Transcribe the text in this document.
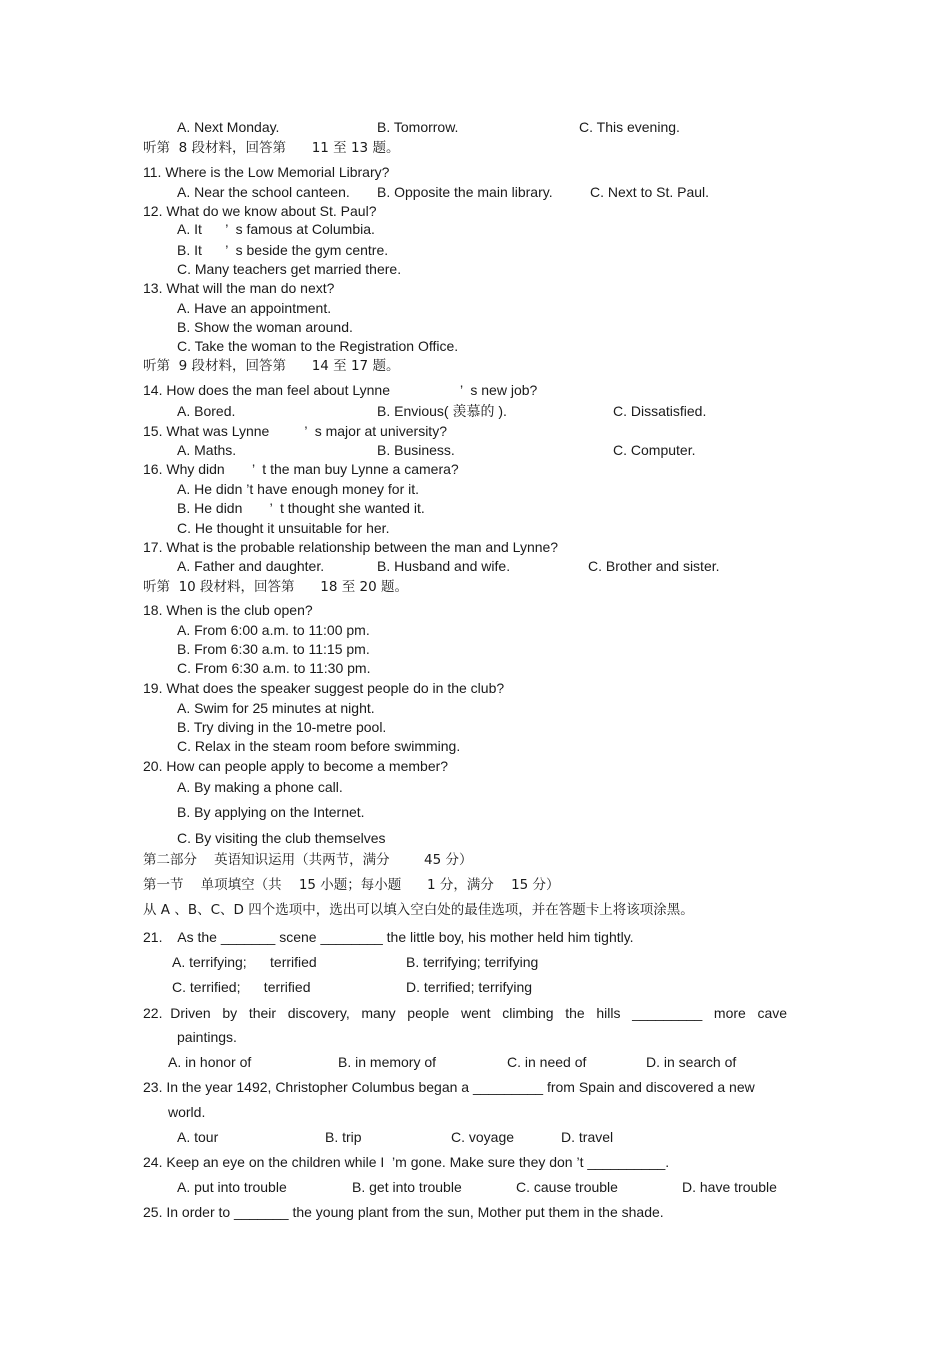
A. Next Monday.	B. Tomorrow.	C. This evening.
听第  8 段材料，回答第      11 至 13 题。
11. Where is the Low Memorial Library?
A. Near the school canteen. B. Opposite the main library.	C. Next to St. Paul.
12. What do we know about St. Paul?
A. It      ’  s famous at Columbia.
B. It      ’  s beside the gym centre.
C. Many teachers get married there.
13. What will the man do next?
A. Have an appointment.
B. Show the woman around.
C. Take the woman to the Registration Office.
听第  9 段材料，回答第      14 至 17 题。
14. How does the man feel about Lynne                  ’  s new job?
A. Bored.	B. Envious( 羡慕的 ).	C. Dissatisfied.
15. What was Lynne         ’  s major at university?
A. Maths.	B. Business.	C. Computer.
16. Why didn       ’  t the man buy Lynne a camera?
A. He didn ’t have enough money for it.
B. He didn       ’  t thought she wanted it.
C. He thought it unsuitable for her.
17. What is the probable relationship between the man and Lynne?
A. Father and daughter.	B. Husband and wife.	C. Brother and sister.
听第  10 段材料，回答第      18 至 20 题。
18. When is the club open?
A. From 6:00 a.m. to 11:00 pm.
B. From 6:30 a.m. to 11:15 pm.
C. From 6:30 a.m. to 11:30 pm.
19. What does the speaker suggest people do in the club?
A. Swim for 25 minutes at night.
B. Try diving in the 10-metre pool.
C. Relax in the steam room before swimming.
20. How can people apply to become a member?
A. By making a phone call.
B. By applying on the Internet.
C. By visiting the club themselves
第二部分    英语知识运用（共两节，满分        45 分）
第一节    单项填空（共    15 小题；每小题      1 分，满分    15 分）
从 A 、B、C、D 四个选项中，选出可以填入空白处的最佳选项，并在答题卡上将该项涂黑。
21.    As the _______ scene ________ the little boy, his mother held him tightly.
A. terrifying;      terrified	B. terrifying; terrifying
C. terrified;      terrified	D. terrified; terrifying
22.  Driven   by   their   discovery,   many   people   went   climbing   the   hills   _________   more   cave
paintings.
A. in honor of	B. in memory of	C. in need of	D. in search of
23. In the year 1492, Christopher Columbus began a _________ from Spain and discovered a new
world.
A. tour	B. trip	C. voyage	D. travel
24. Keep an eye on the children while I  ’m gone. Make sure they don ’t __________.
A. put into trouble	B. get into trouble	C. cause trouble	D. have trouble
25. In order to _______ the young plant from the sun, Mother put them in the shade.
